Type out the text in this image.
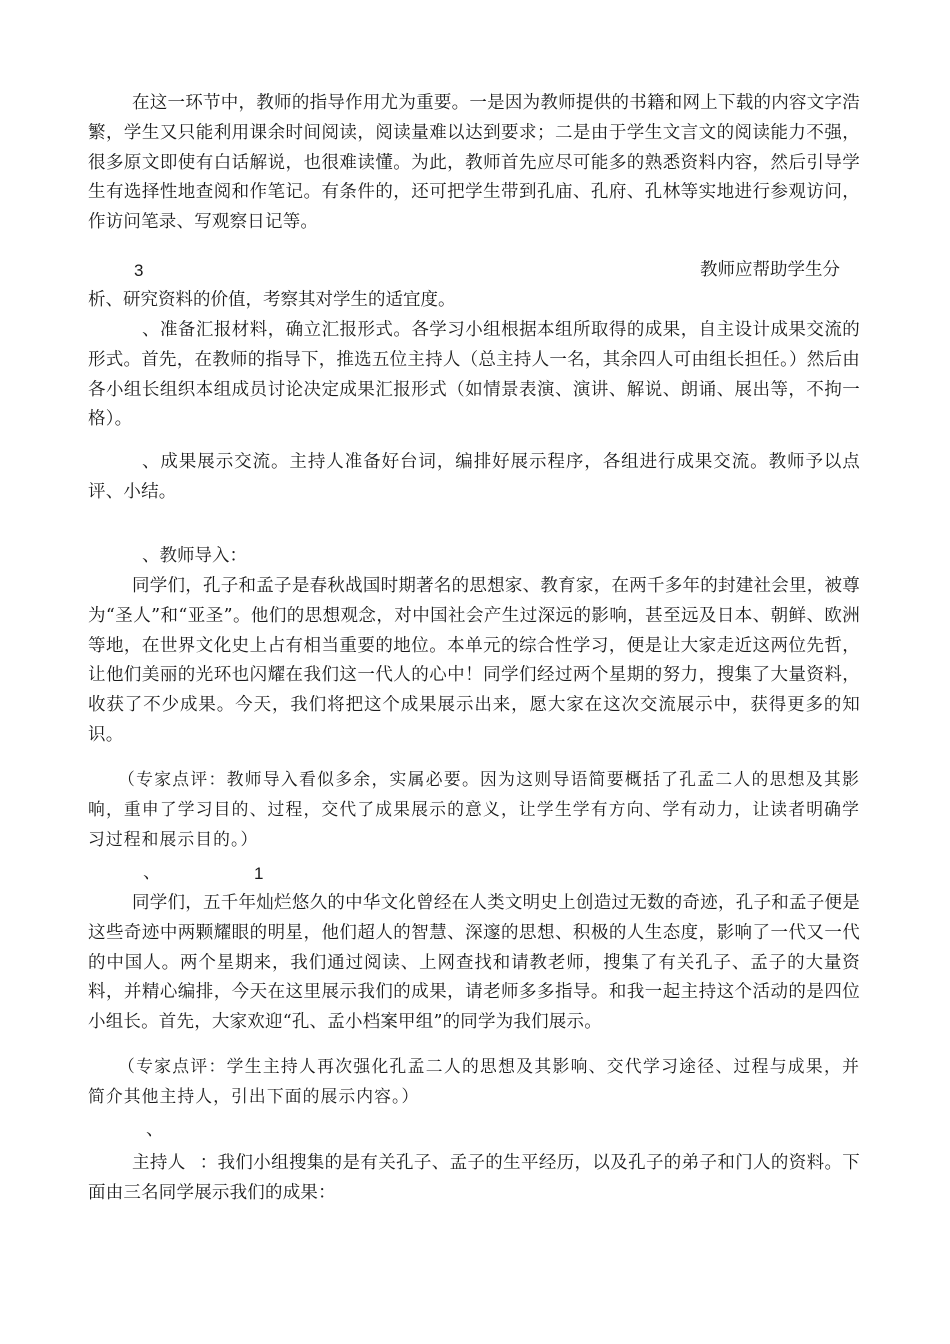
在这一环节中，教师的指导作用尤为重要。一是因为教师提供的书籍和网上下载的内容文字浩繁，学生又只能利用课余时间阅读，阅读量难以达到要求；二是由于学生文言文的阅读能力不强，很多原文即使有白话解说，也很难读懂。为此，教师首先应尽可能多的熟悉资料内容，然后引导学生有选择性地查阅和作笔记。有条件的，还可把学生带到孔庙、孔府、孔林等实地进行参观访问，作访问笔录、写观察日记等。

3	教师应帮助学生分

析、研究资料的价值，考察其对学生的适宜度。

、准备汇报材料，确立汇报形式。各学习小组根据本组所取得的成果，自主设计成果交流的形式。首先，在教师的指导下，推选五位主持人（总主持人一名，其余四人可由组长担任。）然后由各小组长组织本组成员讨论决定成果汇报形式（如情景表演、演讲、解说、朗诵、展出等，不拘一格）。

、成果展示交流。主持人准备好台词，编排好展示程序，各组进行成果交流。教师予以点评、小结。

、教师导入：

同学们，孔子和孟子是春秋战国时期著名的思想家、教育家，在两千多年的封建社会里，被尊为“圣人”和“亚圣”。他们的思想观念，对中国社会产生过深远的影响，甚至远及日本、朝鲜、欧洲等地，在世界文化史上占有相当重要的地位。本单元的综合性学习，便是让大家走近这两位先哲，让他们美丽的光环也闪耀在我们这一代人的心中！同学们经过两个星期的努力，搜集了大量资料，收获了不少成果。今天，我们将把这个成果展示出来，愿大家在这次交流展示中，获得更多的知识。

（专家点评：教师导入看似多余，实属必要。因为这则导语简要概括了孔孟二人的思想及其影响，重申了学习目的、过程，交代了成果展示的意义，让学生学有方向、学有动力，让读者明确学习过程和展示目的。）

、	1

同学们，五千年灿烂悠久的中华文化曾经在人类文明史上创造过无数的奇迹，孔子和孟子便是这些奇迹中两颗耀眼的明星，他们超人的智慧、深邃的思想、积极的人生态度，影响了一代又一代的中国人。两个星期来，我们通过阅读、上网查找和请教老师，搜集了有关孔子、孟子的大量资料，并精心编排，今天在这里展示我们的成果，请老师多多指导。和我一起主持这个活动的是四位小组长。首先，大家欢迎“孔、孟小档案甲组”的同学为我们展示。

（专家点评：学生主持人再次强化孔孟二人的思想及其影响、交代学习途径、过程与成果，并简介其他主持人，引出下面的展示内容。）

、

主持人 ：我们小组搜集的是有关孔子、孟子的生平经历，以及孔子的弟子和门人的资料。下面由三名同学展示我们的成果：
